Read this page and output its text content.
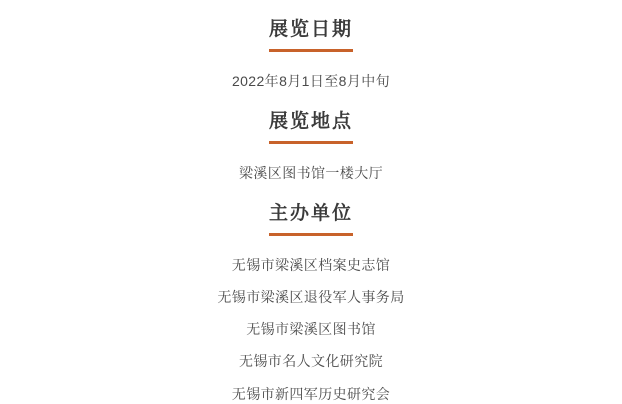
展览日期
2022年8月1日至8月中旬
展览地点
梁溪区图书馆一楼大厅
主办单位
无锡市梁溪区档案史志馆
无锡市梁溪区退役军人事务局
无锡市梁溪区图书馆
无锡市名人文化研究院
无锡市新四军历史研究会
